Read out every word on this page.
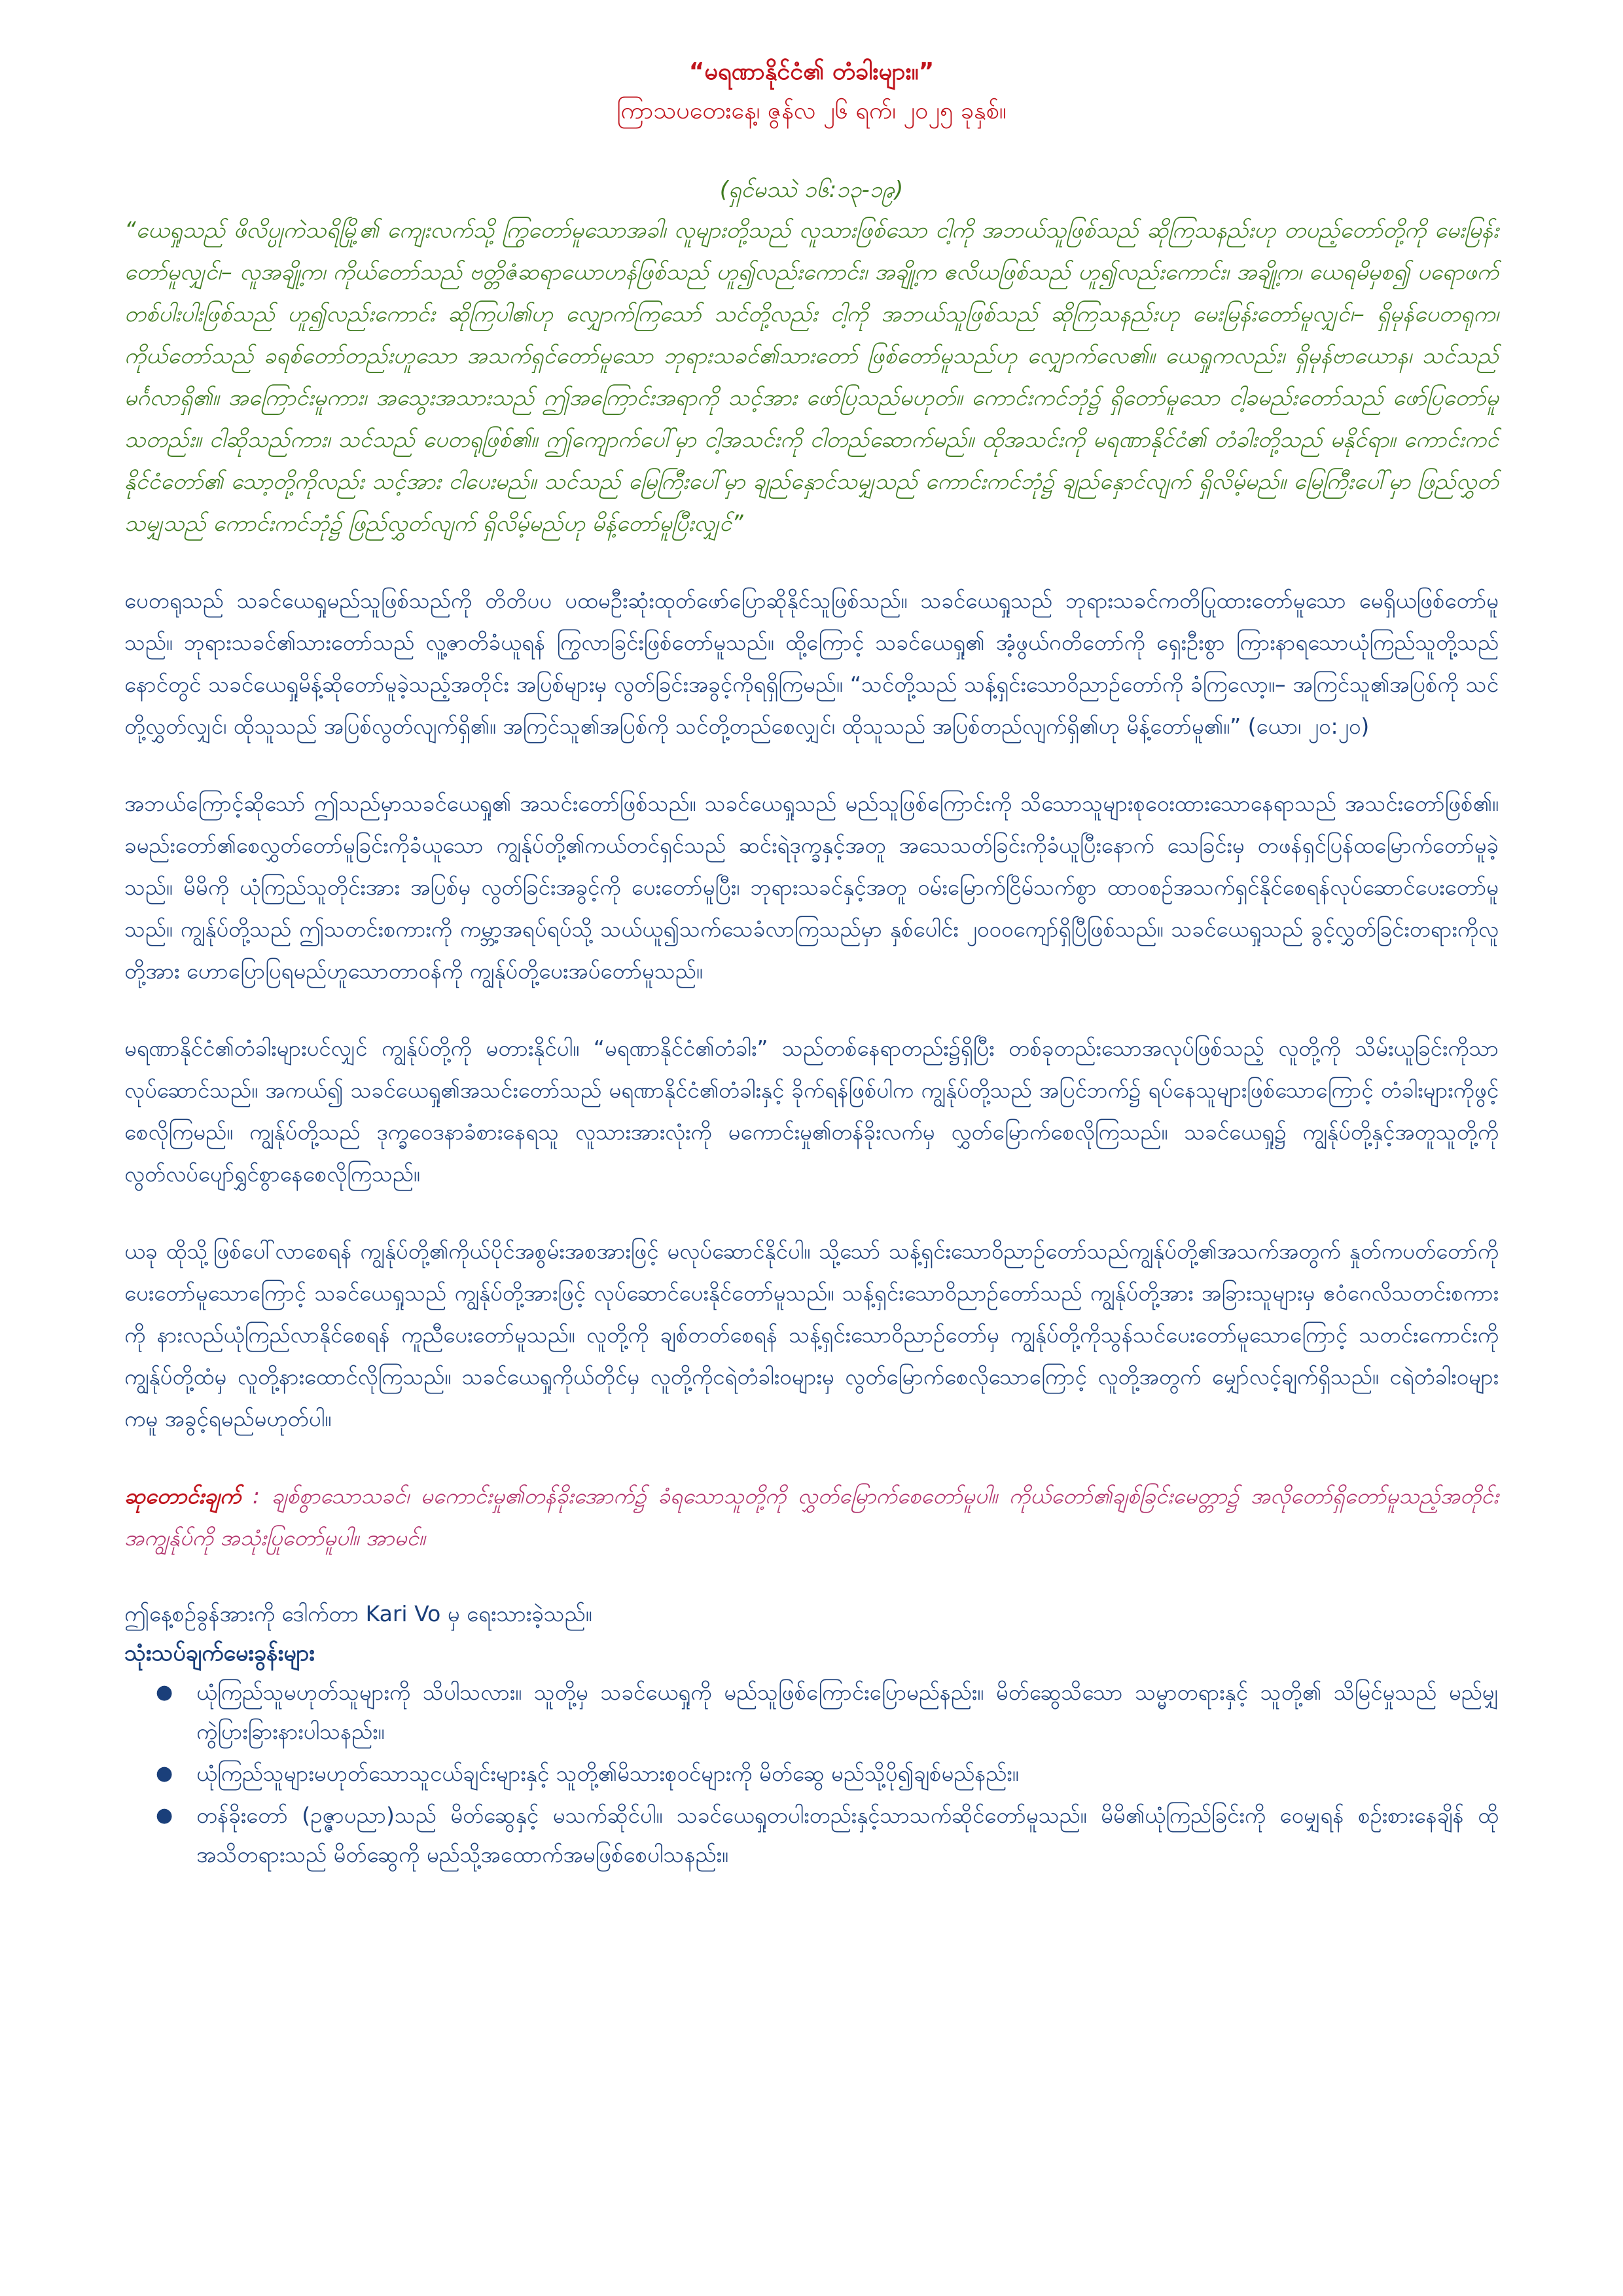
“မရဏာနိုင်ငံ၏ တံခါးများ။”

ကြာသပတေးနေ့၊ ဇွန်လ ၂၆ ရက်၊ ၂၀၂၅ ခုနှစ်။

(ရှင်မဿဲ ၁၆:၁၃-၁၉)

“ယေရှုသည် ဖိလိပ္ပုကဲသရိမြို့၏ ကျေးလက်သို့ ကြွတော်မူသောအခါ၊ လူများတို့သည် လူသားဖြစ်သော ငါ့ကို အဘယ်သူဖြစ်သည် ဆိုကြသနည်းဟု တပည့်တော်တို့ကို မေးမြန်းတော်မူလျှင်၊– လူအချို့က၊ ကိုယ်တော်သည် ဗတ္တိဇံဆရာယောဟန်ဖြစ်သည် ဟူ၍လည်းကောင်း၊ အချို့က ဧလိယဖြစ်သည် ဟူ၍လည်းကောင်း၊ အချို့က၊ ယေရမိမှစ၍ ပရောဖက်တစ်ပါးပါးဖြစ်သည် ဟူ၍လည်းကောင်း ဆိုကြပါ၏ဟု လျှောက်ကြသော် သင်တို့လည်း ငါ့ကို အဘယ်သူဖြစ်သည် ဆိုကြသနည်းဟု မေးမြန်းတော်မူလျှင်၊– ရှိမုန်ပေတရုက၊ ကိုယ်တော်သည် ခရစ်တော်တည်းဟူသော အသက်ရှင်တော်မူသော ဘုရားသခင်၏သားတော် ဖြစ်တော်မူသည်ဟု လျှောက်လေ၏။ ယေရှုကလည်း၊ ရှိမုန်ဗာယောန၊ သင်သည် မင်္ဂလာရှိ၏။ အကြောင်းမူကား၊ အသွေးအသားသည် ဤအကြောင်းအရာကို သင့်အား ဖော်ပြသည်မဟုတ်။ ကောင်းကင်ဘုံ၌ ရှိတော်မူသော ငါ့ခမည်းတော်သည် ဖော်ပြတော်မူသတည်း။ ငါဆိုသည်ကား၊ သင်သည် ပေတရုဖြစ်၏။ ဤကျောက်ပေါ်မှာ ငါ့အသင်းကို ငါတည်ဆောက်မည်။ ထိုအသင်းကို မရဏာနိုင်ငံ၏ တံခါးတို့သည် မနိုင်ရာ။ ကောင်းကင်နိုင်ငံတော်၏ သော့တို့ကိုလည်း သင့်အား ငါပေးမည်။ သင်သည် မြေကြီးပေါ်မှာ ချည်နှောင်သမျှသည် ကောင်းကင်ဘုံ၌ ချည်နှောင်လျက် ရှိလိမ့်မည်။ မြေကြီးပေါ်မှာ ဖြည်လွှတ်သမျှသည် ကောင်းကင်ဘုံ၌ ဖြည်လွှတ်လျက် ရှိလိမ့်မည်ဟု မိန့်တော်မူပြီးလျှင်”

ပေတရုသည် သခင်ယေရှုမည်သူဖြစ်သည်ကို တိတိပပ ပထမဦးဆုံးထုတ်ဖော်ပြောဆိုနိုင်သူဖြစ်သည်။ သခင်ယေရှုသည် ဘုရားသခင်ကတိပြုထားတော်မူသော မေရှိယဖြစ်တော်မူသည်။ ဘုရားသခင်၏သားတော်သည် လူ့ဇာတိခံယူရန် ကြွလာခြင်းဖြစ်တော်မူသည်။ ထို့ကြောင့် သခင်ယေရှု၏ အံ့ဖွယ်ဂတိတော်ကို ရှေးဦးစွာ ကြားနာရသောယုံကြည်သူတို့သည် နောင်တွင် သခင်ယေရှုမိန့်ဆိုတော်မူခဲ့သည့်အတိုင်း အပြစ်များမှ လွတ်ခြင်းအခွင့်ကိုရရှိကြမည်။ “သင်တို့သည် သန့်ရှင်းသောဝိညာဉ်တော်ကို ခံကြလော့။– အကြင်သူ၏အပြစ်ကို သင်တို့လွှတ်လျှင်၊ ထိုသူသည် အပြစ်လွတ်လျက်ရှိ၏။ အကြင်သူ၏အပြစ်ကို သင်တို့တည်စေလျှင်၊ ထိုသူသည် အပြစ်တည်လျက်ရှိ၏ဟု မိန့်တော်မူ၏။” (ယော၊ ၂၀:၂၀)

အဘယ်ကြောင့်ဆိုသော် ဤသည်မှာသခင်ယေရှု၏ အသင်းတော်ဖြစ်သည်။ သခင်ယေရှုသည် မည်သူဖြစ်ကြောင်းကို သိသောသူများစုဝေးထားသောနေရာသည် အသင်းတော်ဖြစ်၏။ ခမည်းတော်၏စေလွှတ်တော်မူခြင်းကိုခံယူသော ကျွန်ုပ်တို့၏ကယ်တင်ရှင်သည် ဆင်းရဲဒုက္ခနှင့်အတူ အသေသတ်ခြင်းကိုခံယူပြီးနောက် သေခြင်းမှ တဖန်ရှင်ပြန်ထမြောက်တော်မူခဲ့သည်။ မိမိကို ယုံကြည်သူတိုင်းအား အပြစ်မှ လွတ်ခြင်းအခွင့်ကို ပေးတော်မူပြီး၊ ဘုရားသခင်နှင့်အတူ ဝမ်းမြောက်ငြိမ်သက်စွာ ထာဝစဉ်အသက်ရှင်နိုင်စေရန်လုပ်ဆောင်ပေးတော်မူသည်။ ကျွန်ုပ်တို့သည် ဤသတင်းစကားကို ကမ္ဘာ့အရပ်ရပ်သို့ သယ်ယူ၍သက်သေခံလာကြသည်မှာ နှစ်ပေါင်း ၂၀၀၀ကျော်ရှိပြီဖြစ်သည်။ သခင်ယေရှုသည် ခွင့်လွှတ်ခြင်းတရားကိုလူတို့အား ဟောပြောပြရမည်ဟူသောတာဝန်ကို ကျွန်ုပ်တို့ပေးအပ်တော်မူသည်။

မရဏာနိုင်ငံ၏တံခါးများပင်လျှင် ကျွန်ုပ်တို့ကို မတားနိုင်ပါ။ “မရဏာနိုင်ငံ၏တံခါး” သည်တစ်နေရာတည်း၌ရှိပြီး တစ်ခုတည်းသောအလုပ်ဖြစ်သည့် လူတို့ကို သိမ်းယူခြင်းကိုသာလုပ်ဆောင်သည်။ အကယ်၍ သခင်ယေရှု၏အသင်းတော်သည် မရဏာနိုင်ငံ၏တံခါးနှင့် ခိုက်ရန်ဖြစ်ပါက ကျွန်ုပ်တို့သည် အပြင်ဘက်၌ ရပ်နေသူများဖြစ်သောကြောင့် တံခါးများကိုဖွင့်စေလိုကြမည်။ ကျွန်ုပ်တို့သည် ဒုက္ခဝေဒနာခံစားနေရသူ လူသားအားလုံးကို မကောင်းမှု၏တန်ခိုးလက်မှ လွှတ်မြောက်စေလိုကြသည်။ သခင်ယေရှု၌ ကျွန်ုပ်တို့နှင့်အတူသူတို့ကို လွတ်လပ်ပျော်ရွှင်စွာနေစေလိုကြသည်။

ယခု ထိုသို့ဖြစ်ပေါ်လာစေရန် ကျွန်ုပ်တို့၏ကိုယ်ပိုင်အစွမ်းအစအားဖြင့် မလုပ်ဆောင်နိုင်ပါ။ သို့သော် သန့်ရှင်းသောဝိညာဉ်တော်သည်ကျွန်ုပ်တို့၏အသက်အတွက် နှုတ်ကပတ်တော်ကို ပေးတော်မူသောကြောင့် သခင်ယေရှုသည် ကျွန်ုပ်တို့အားဖြင့် လုပ်ဆောင်ပေးနိုင်တော်မူသည်။ သန့်ရှင်းသောဝိညာဉ်တော်သည် ကျွန်ုပ်တို့အား အခြားသူများမှ ဧဝံဂေလိသတင်းစကားကို နားလည်ယုံကြည်လာနိုင်စေရန် ကူညီပေးတော်မူသည်။ လူတို့ကို ချစ်တတ်စေရန် သန့်ရှင်းသောဝိညာဉ်တော်မှ ကျွန်ုပ်တို့ကိုသွန်သင်ပေးတော်မူသောကြောင့် သတင်းကောင်းကို ကျွန်ုပ်တို့ထံမှ လူတို့နားထောင်လိုကြသည်။ သခင်ယေရှုကိုယ်တိုင်မှ လူတို့ကိုငရဲတံခါးဝများမှ လွတ်မြောက်စေလိုသောကြောင့် လူတို့အတွက် မျှော်လင့်ချက်ရှိသည်။ ငရဲတံခါးဝများကမူ အခွင့်ရမည်မဟုတ်ပါ။

ဆုတောင်းချက် : ချစ်စွာသောသခင်၊ မကောင်းမှု၏တန်ခိုးအောက်၌ ခံရသောသူတို့ကို လွှတ်မြောက်စေတော်မူပါ။ ကိုယ်တော်၏ချစ်ခြင်းမေတ္တာ၌ အလိုတော်ရှိတော်မူသည့်အတိုင်း အကျွန်ုပ်ကို အသုံးပြုတော်မူပါ။ အာမင်။

ဤနေ့စဉ်ခွန်အားကို ဒေါက်တာ Kari Vo မှ ရေးသားခဲ့သည်။

သုံးသပ်ချက်မေးခွန်းများ

● ယုံကြည်သူမဟုတ်သူများကို သိပါသလား။ သူတို့မှ သခင်ယေရှုကို မည်သူဖြစ်ကြောင်းပြောမည်နည်း။ မိတ်ဆွေသိသော သမ္မာတရားနှင့် သူတို့၏ သိမြင်မှုသည် မည်မျှကွဲပြားခြားနားပါသနည်း။
● ယုံကြည်သူများမဟုတ်သောသူငယ်ချင်းများနှင့် သူတို့၏မိသားစုဝင်များကို မိတ်ဆွေ မည်သို့ပို၍ချစ်မည်နည်း။
● တန်ခိုးတော် (ဥဇ္ဇာပညာ)သည် မိတ်ဆွေနှင့် မသက်ဆိုင်ပါ။ သခင်ယေရှုတပါးတည်းနှင့်သာသက်ဆိုင်တော်မူသည်။ မိမိ၏ယုံကြည်ခြင်းကို ဝေမျှရန် စဉ်းစားနေချိန် ထိုအသိတရားသည် မိတ်ဆွေကို မည်သို့အထောက်အမဖြစ်စေပါသနည်း။
